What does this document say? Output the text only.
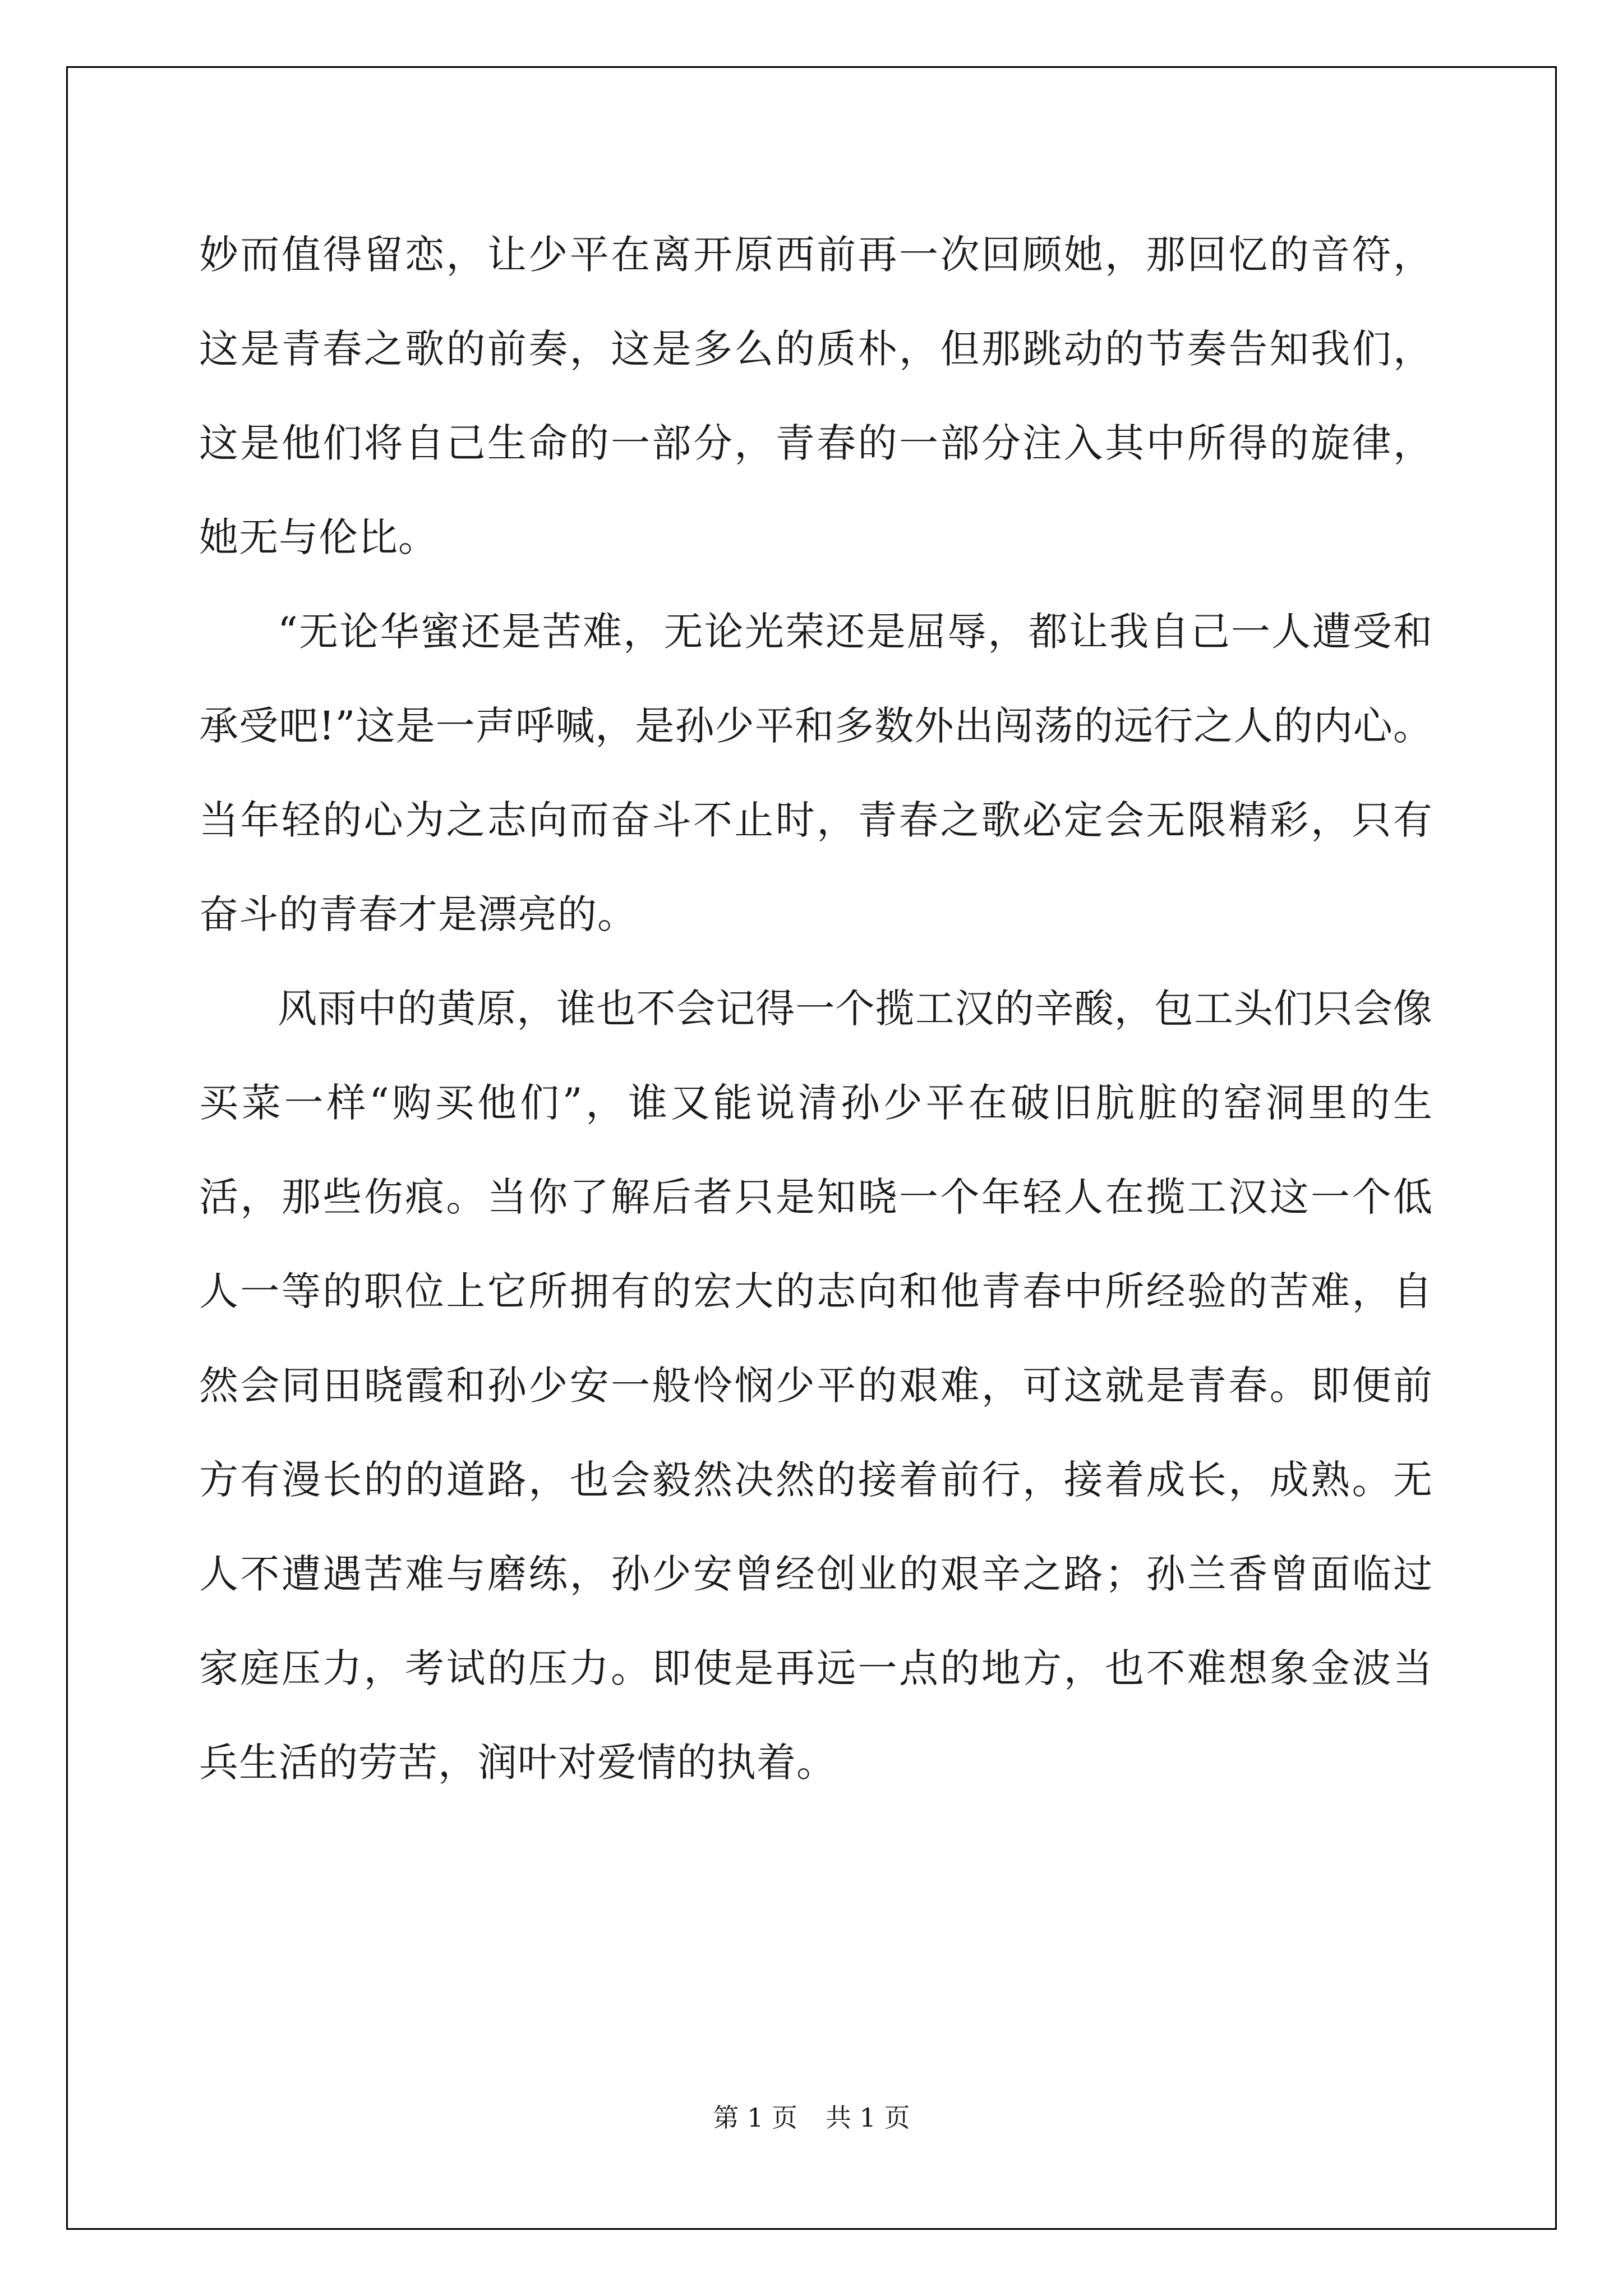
妙而值得留恋，让少平在离开原西前再一次回顾她，那回忆的音符，这是青春之歌的前奏，这是多么的质朴，但那跳动的节奏告知我们，这是他们将自己生命的一部分，青春的一部分注入其中所得的旋律，她无与伦比。

“无论华蜜还是苦难，无论光荣还是屈辱，都让我自己一人遭受和承受吧!”这是一声呼喊，是孙少平和多数外出闯荡的远行之人的内心。当年轻的心为之志向而奋斗不止时，青春之歌必定会无限精彩，只有奋斗的青春才是漂亮的。

风雨中的黄原，谁也不会记得一个揽工汉的辛酸，包工头们只会像买菜一样“购买他们”，谁又能说清孙少平在破旧肮脏的窑洞里的生活，那些伤痕。当你了解后者只是知晓一个年轻人在揽工汉这一个低人一等的职位上它所拥有的宏大的志向和他青春中所经验的苦难，自然会同田晓霞和孙少安一般怜悯少平的艰难，可这就是青春。即便前方有漫长的的道路，也会毅然决然的接着前行，接着成长，成熟。无人不遭遇苦难与磨练，孙少安曾经创业的艰辛之路；孙兰香曾面临过家庭压力，考试的压力。即使是再远一点的地方，也不难想象金波当兵生活的劳苦，润叶对爱情的执着。

第 1 页 共 1 页
